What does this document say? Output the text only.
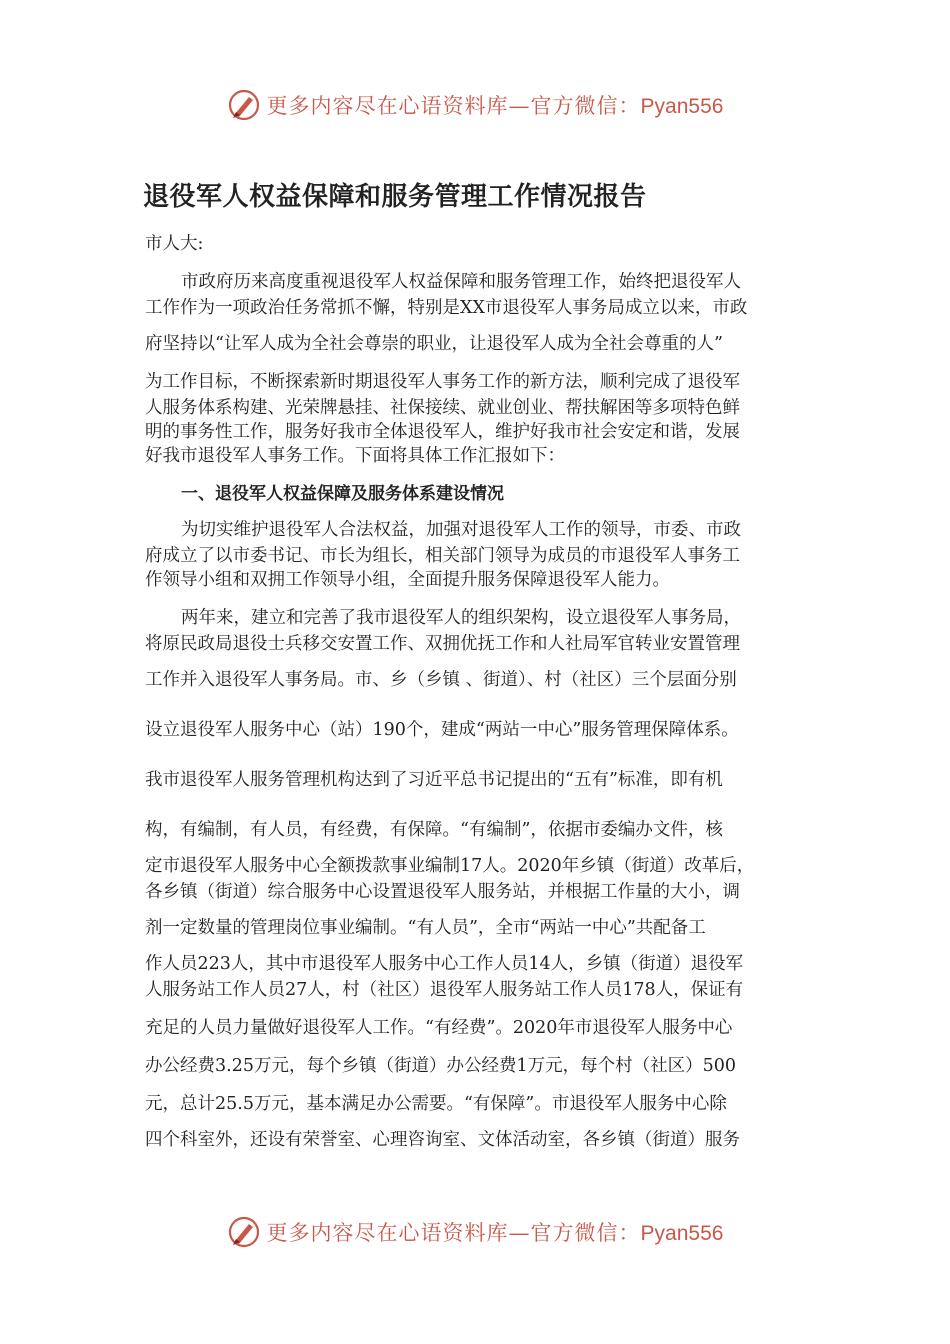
更多内容尽在心语资料库—官方微信：Pyan556
退役军人权益保障和服务管理工作情况报告
市人大:
市政府历来高度重视退役军人权益保障和服务管理工作，始终把退役军人
工作作为一项政治任务常抓不懈，特别是XX市退役军人事务局成立以来，市政
府坚持以“让军人成为全社会尊崇的职业，让退役军人成为全社会尊重的人”
为工作目标，不断探索新时期退役军人事务工作的新方法，顺利完成了退役军
人服务体系构建、光荣牌悬挂、社保接续、就业创业、帮扶解困等多项特色鲜
明的事务性工作，服务好我市全体退役军人，维护好我市社会安定和谐，发展
好我市退役军人事务工作。下面将具体工作汇报如下：
一、退役军人权益保障及服务体系建设情况
为切实维护退役军人合法权益，加强对退役军人工作的领导，市委、市政
府成立了以市委书记、市长为组长，相关部门领导为成员的市退役军人事务工
作领导小组和双拥工作领导小组，全面提升服务保障退役军人能力。
两年来，建立和完善了我市退役军人的组织架构，设立退役军人事务局，
将原民政局退役士兵移交安置工作、双拥优抚工作和人社局军官转业安置管理
工作并入退役军人事务局。市、乡（乡镇 、街道）、村（社区）三个层面分别
设立退役军人服务中心（站）190个，建成“两站一中心”服务管理保障体系。
我市退役军人服务管理机构达到了习近平总书记提出的“五有”标准，即有机
构，有编制，有人员，有经费，有保障。“有编制”，依据市委编办文件，核
定市退役军人服务中心全额拨款事业编制17人。2020年乡镇（街道）改革后，
各乡镇（街道）综合服务中心设置退役军人服务站，并根据工作量的大小，调
剂一定数量的管理岗位事业编制。“有人员”，全市“两站一中心”共配备工
作人员223人，其中市退役军人服务中心工作人员14人，乡镇（街道）退役军
人服务站工作人员27人，村（社区）退役军人服务站工作人员178人，保证有
充足的人员力量做好退役军人工作。“有经费”。2020年市退役军人服务中心
办公经费3.25万元，每个乡镇（街道）办公经费1万元，每个村（社区）500
元，总计25.5万元，基本满足办公需要。“有保障”。市退役军人服务中心除
四个科室外，还设有荣誉室、心理咨询室、文体活动室，各乡镇（街道）服务
更多内容尽在心语资料库—官方微信：Pyan556
